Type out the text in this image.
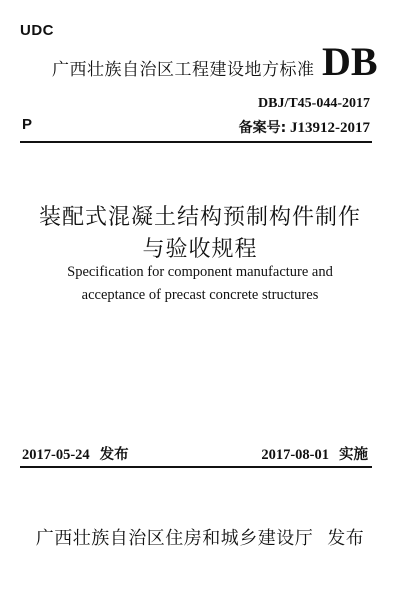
UDC
广西壮族自治区工程建设地方标准 DB
DBJ/T45-044-2017
P	备案号: J13912-2017
装配式混凝土结构预制构件制作
与验收规程
Specification for component manufacture and
acceptance of precast concrete structures
2017-05-24 发布	2017-08-01 实施
广西壮族自治区住房和城乡建设厅 发布
